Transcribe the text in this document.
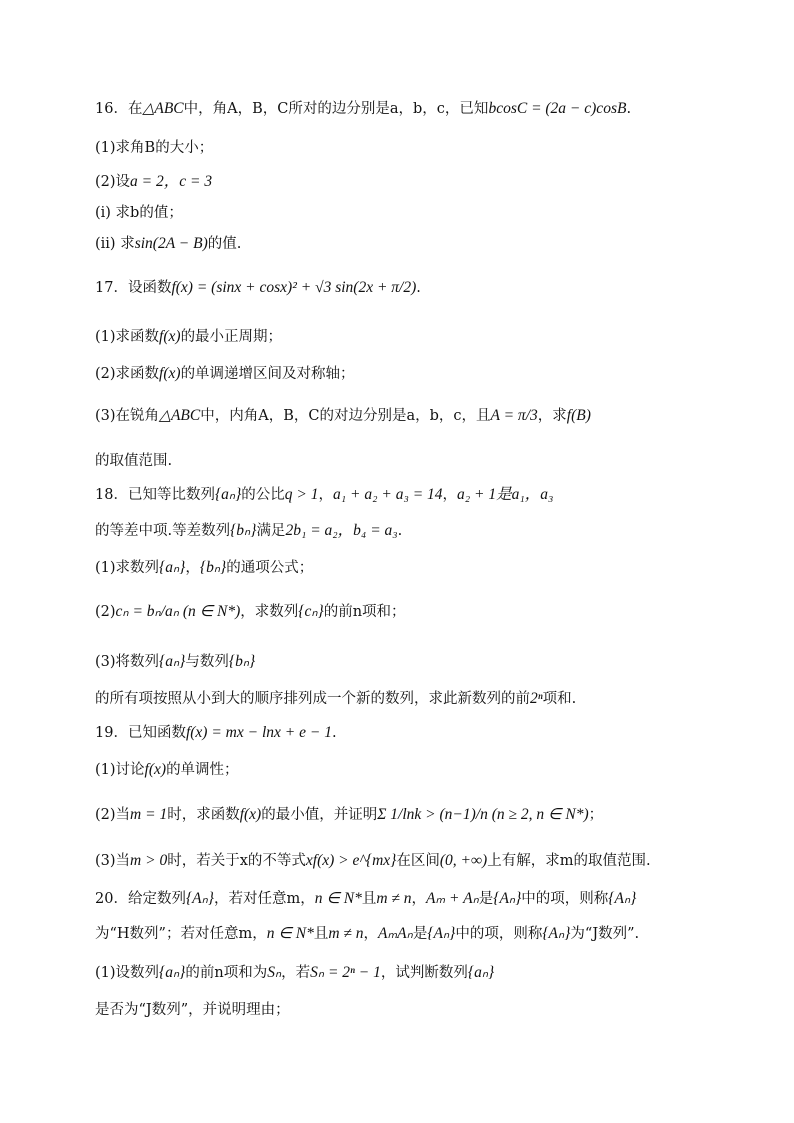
16．在△ABC中，角A，B，C所对的边分别是a，b，c，已知bcosC = (2a − c)cosB.
(1)求角B的大小；
(2)设a = 2，c = 3
(i) 求b的值；
(ii) 求sin(2A − B)的值.
17．设函数f(x) = (sinx + cosx)² + √3 sin(2x + π/2).
(1)求函数f(x)的最小正周期；
(2)求函数f(x)的单调递增区间及对称轴；
(3)在锐角△ABC中，内角A，B，C的对边分别是a，b，c，且A = π/3，求f(B)
的取值范围.
18．已知等比数列{aₙ}的公比q > 1，a₁ + a₂ + a₃ = 14，a₂ + 1是a₁，a₃
的等差中项.等差数列{bₙ}满足2b₁ = a₂，b₄ = a₃.
(1)求数列{aₙ}，{bₙ}的通项公式；
(2)cₙ = bₙ/aₙ (n ∈ N*)，求数列{cₙ}的前n项和；
(3)将数列{aₙ}与数列{bₙ}
的所有项按照从小到大的顺序排列成一个新的数列，求此新数列的前2ⁿ项和.
19．已知函数f(x) = mx − lnx + e − 1.
(1)讨论f(x)的单调性；
(2)当m = 1时，求函数f(x)的最小值，并证明Σ 1/lnk > (n−1)/n (n ≥ 2, n ∈ N*)；
(3)当m > 0时，若关于x的不等式xf(x) > e^{mx}在区间(0, +∞)上有解，求m的取值范围.
20．给定数列{Aₙ}，若对任意m，n ∈ N*且m ≠ n，Aₘ + Aₙ是{Aₙ}中的项，则称{Aₙ}
为“H数列”；若对任意m，n ∈ N*且m ≠ n，AₘAₙ是{Aₙ}中的项，则称{Aₙ}为“J数列”.
(1)设数列{aₙ}的前n项和为Sₙ，若Sₙ = 2ⁿ − 1，试判断数列{aₙ}
是否为“J数列”，并说明理由；
